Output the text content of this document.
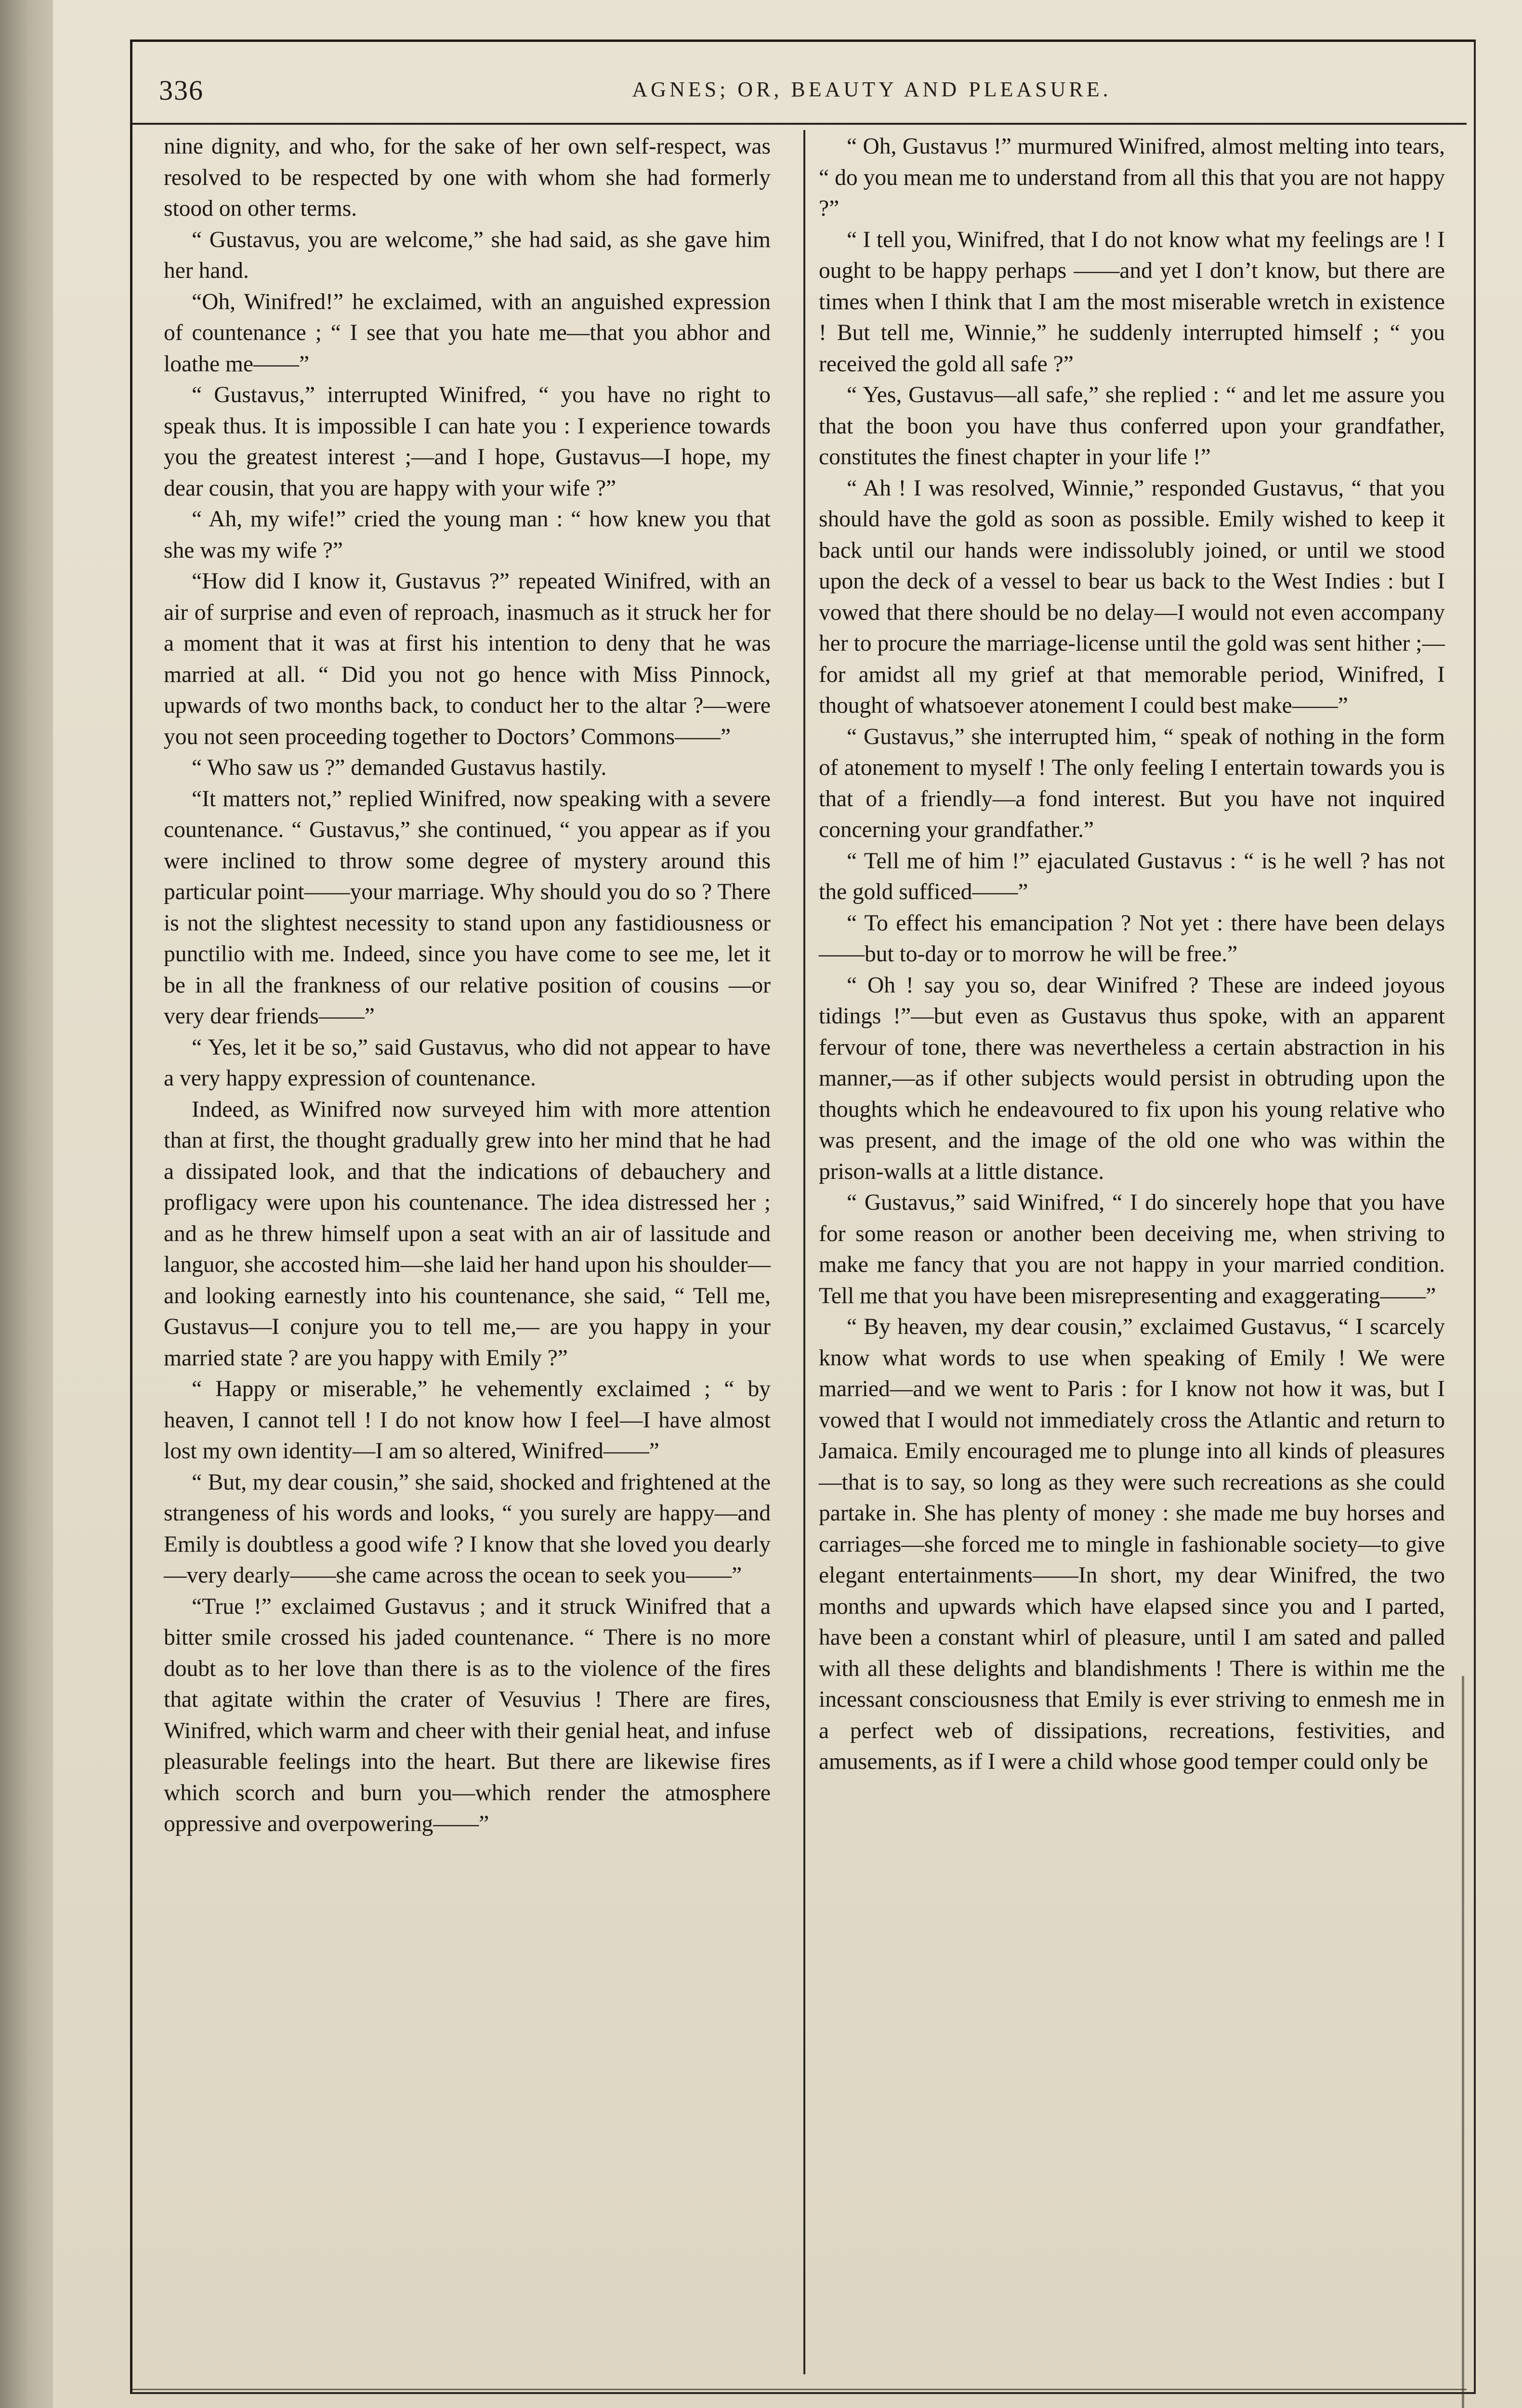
336	AGNES; OR, BEAUTY AND PLEASURE.

nine dignity, and who, for the sake of her own self-respect, was resolved to be respected by one with whom she had formerly stood on other terms.

“ Gustavus, you are welcome,” she had said, as she gave him her hand.

“Oh, Winifred!” he exclaimed, with an anguished expression of countenance ; “ I see that you hate me—that you abhor and loathe me——”

“ Gustavus,” interrupted Winifred, “ you have no right to speak thus. It is impossible I can hate you : I experience towards you the greatest interest ;—and I hope, Gustavus—I hope, my dear cousin, that you are happy with your wife ?”

“ Ah, my wife!” cried the young man : “ how knew you that she was my wife ?”

“How did I know it, Gustavus ?” repeated Winifred, with an air of surprise and even of reproach, inasmuch as it struck her for a moment that it was at first his intention to deny that he was married at all. “ Did you not go hence with Miss Pinnock, upwards of two months back, to conduct her to the altar ?—were you not seen proceeding together to Doctors’ Commons——”

“ Who saw us ?” demanded Gustavus hastily.

“It matters not,” replied Winifred, now speaking with a severe countenance. “ Gustavus,” she continued, “ you appear as if you were inclined to throw some degree of mystery around this particular point——your marriage. Why should you do so ? There is not the slightest necessity to stand upon any fastidiousness or punctilio with me. Indeed, since you have come to see me, let it be in all the frankness of our relative position of cousins —or very dear friends——”

“ Yes, let it be so,” said Gustavus, who did not appear to have a very happy expression of countenance.

Indeed, as Winifred now surveyed him with more attention than at first, the thought gradually grew into her mind that he had a dissipated look, and that the indications of debauchery and profligacy were upon his countenance. The idea distressed her ; and as he threw himself upon a seat with an air of lassitude and languor, she accosted him—she laid her hand upon his shoulder—and looking earnestly into his countenance, she said, “ Tell me, Gustavus—I conjure you to tell me,— are you happy in your married state ? are you happy with Emily ?”

“ Happy or miserable,” he vehemently exclaimed ; “ by heaven, I cannot tell ! I do not know how I feel—I have almost lost my own identity—I am so altered, Winifred——”

“ But, my dear cousin,” she said, shocked and frightened at the strangeness of his words and looks, “ you surely are happy—and Emily is doubtless a good wife ? I know that she loved you dearly—very dearly——she came across the ocean to seek you——”

“True !” exclaimed Gustavus ; and it struck Winifred that a bitter smile crossed his jaded countenance. “ There is no more doubt as to her love than there is as to the violence of the fires that agitate within the crater of Vesuvius ! There are fires, Winifred, which warm and cheer with their genial heat, and infuse pleasurable feelings into the heart. But there are likewise fires which scorch and burn you—which render the atmosphere oppressive and overpowering——”

“ Oh, Gustavus !” murmured Winifred, almost melting into tears, “ do you mean me to understand from all this that you are not happy ?”

“ I tell you, Winifred, that I do not know what my feelings are ! I ought to be happy perhaps ——and yet I don’t know, but there are times when I think that I am the most miserable wretch in existence ! But tell me, Winnie,” he suddenly interrupted himself ; “ you received the gold all safe ?”

“ Yes, Gustavus—all safe,” she replied : “ and let me assure you that the boon you have thus conferred upon your grandfather, constitutes the finest chapter in your life !”

“ Ah ! I was resolved, Winnie,” responded Gustavus, “ that you should have the gold as soon as possible. Emily wished to keep it back until our hands were indissolubly joined, or until we stood upon the deck of a vessel to bear us back to the West Indies : but I vowed that there should be no delay—I would not even accompany her to procure the marriage-license until the gold was sent hither ;—for amidst all my grief at that memorable period, Winifred, I thought of whatsoever atonement I could best make——”

“ Gustavus,” she interrupted him, “ speak of nothing in the form of atonement to myself ! The only feeling I entertain towards you is that of a friendly—a fond interest. But you have not inquired concerning your grandfather.”

“ Tell me of him !” ejaculated Gustavus : “ is he well ? has not the gold sufficed——”

“ To effect his emancipation ? Not yet : there have been delays——but to-day or to morrow he will be free.”

“ Oh ! say you so, dear Winifred ? These are indeed joyous tidings !”—but even as Gustavus thus spoke, with an apparent fervour of tone, there was nevertheless a certain abstraction in his manner,—as if other subjects would persist in obtruding upon the thoughts which he endeavoured to fix upon his young relative who was present, and the image of the old one who was within the prison-walls at a little distance.

“ Gustavus,” said Winifred, “ I do sincerely hope that you have for some reason or another been deceiving me, when striving to make me fancy that you are not happy in your married condition. Tell me that you have been misrepresenting and exaggerating——”

“ By heaven, my dear cousin,” exclaimed Gustavus, “ I scarcely know what words to use when speaking of Emily ! We were married—and we went to Paris : for I know not how it was, but I vowed that I would not immediately cross the Atlantic and return to Jamaica. Emily encouraged me to plunge into all kinds of pleasures—that is to say, so long as they were such recreations as she could partake in. She has plenty of money : she made me buy horses and carriages—she forced me to mingle in fashionable society—to give elegant entertainments——In short, my dear Winifred, the two months and upwards which have elapsed since you and I parted, have been a constant whirl of pleasure, until I am sated and palled with all these delights and blandishments ! There is within me the incessant consciousness that Emily is ever striving to enmesh me in a perfect web of dissipations, recreations, festivities, and amusements, as if I were a child whose good temper could only be
